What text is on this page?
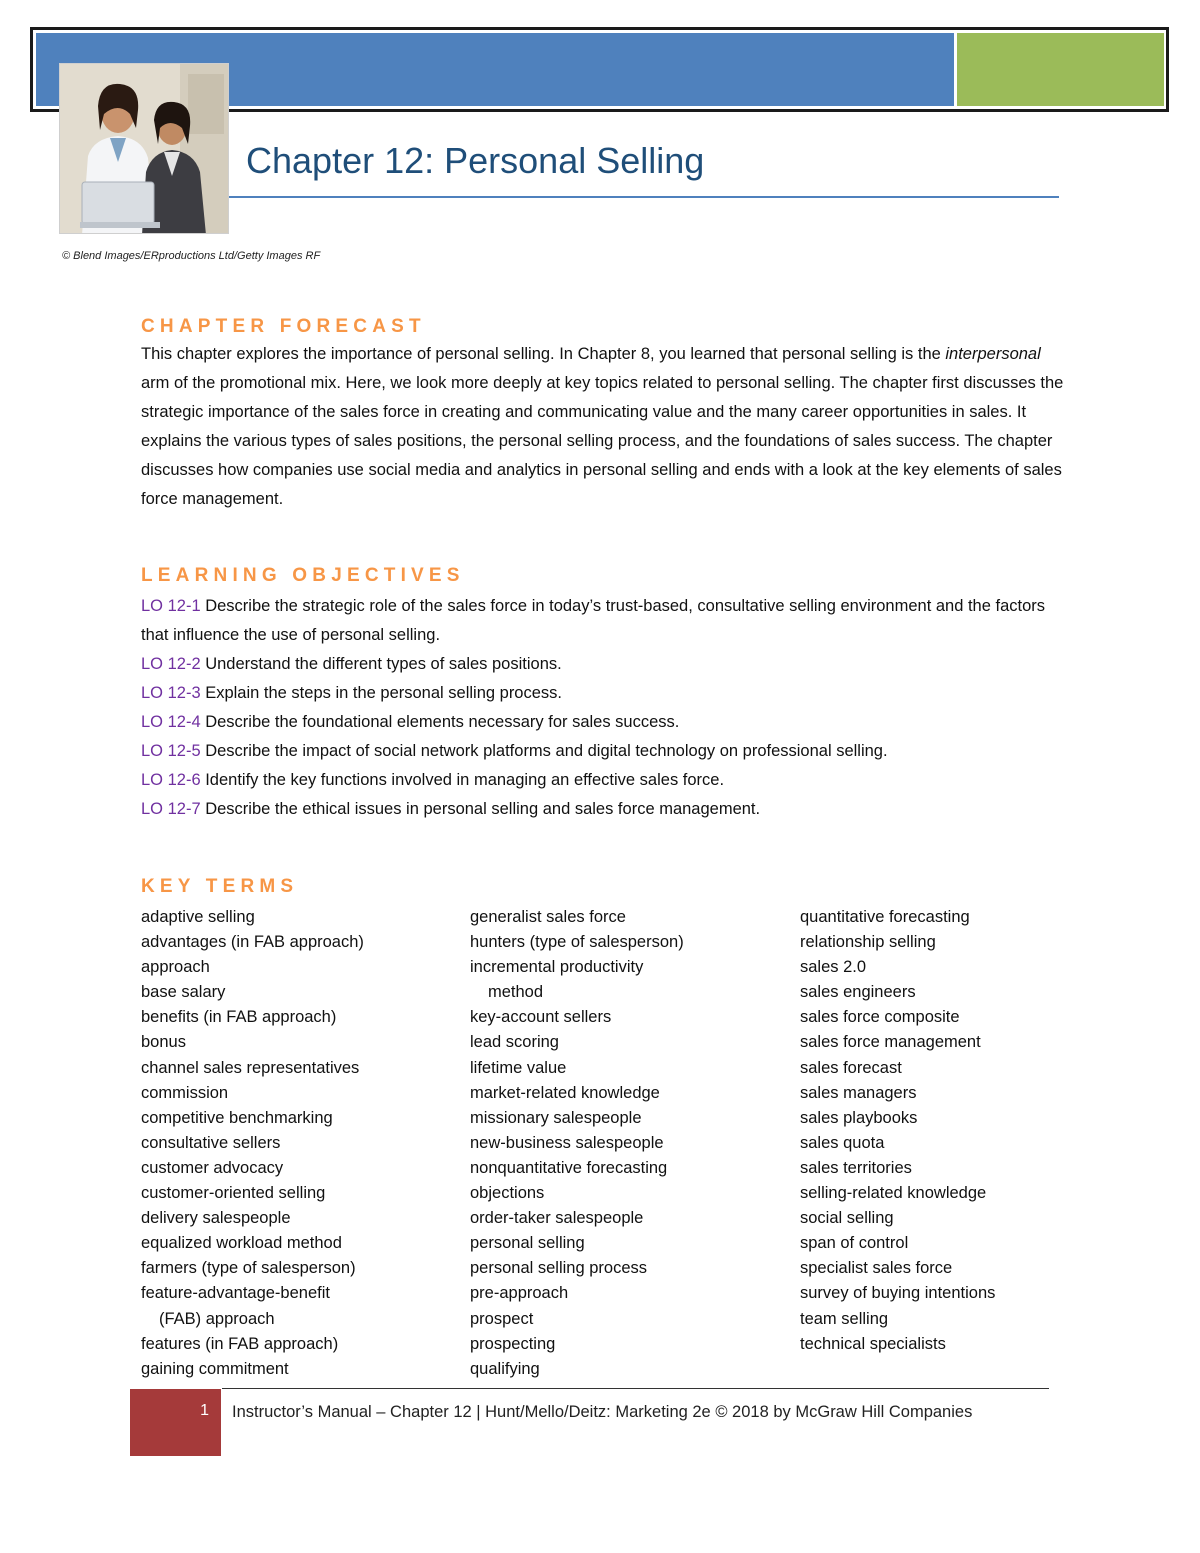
Chapter 12: Personal Selling
© Blend Images/ERproductions Ltd/Getty Images RF
CHAPTER FORECAST

This chapter explores the importance of personal selling. In Chapter 8, you learned that personal selling is the interpersonal arm of the promotional mix. Here, we look more deeply at key topics related to personal selling. The chapter first discusses the strategic importance of the sales force in creating and communicating value and the many career opportunities in sales. It explains the various types of sales positions, the personal selling process, and the foundations of sales success. The chapter discusses how companies use social media and analytics in personal selling and ends with a look at the key elements of sales force management.

LEARNING OBJECTIVES
LO 12-1 Describe the strategic role of the sales force in today’s trust-based, consultative selling environment and the factors that influence the use of personal selling.
LO 12-2 Understand the different types of sales positions.
LO 12-3 Explain the steps in the personal selling process.
LO 12-4 Describe the foundational elements necessary for sales success.
LO 12-5 Describe the impact of social network platforms and digital technology on professional selling.
LO 12-6 Identify the key functions involved in managing an effective sales force.
LO 12-7 Describe the ethical issues in personal selling and sales force management.
KEY TERMS
adaptive selling
advantages (in FAB approach)
approach
base salary
benefits (in FAB approach)
bonus
channel sales representatives
commission
competitive benchmarking
consultative sellers
customer advocacy
customer-oriented selling
delivery salespeople
equalized workload method
farmers (type of salesperson)
feature-advantage-benefit
(FAB) approach
features (in FAB approach)
gaining commitment
generalist sales force
hunters (type of salesperson)
incremental productivity
method
key-account sellers
lead scoring
lifetime value
market-related knowledge
missionary salespeople
new-business salespeople
nonquantitative forecasting
objections
order-taker salespeople
personal selling
personal selling process
pre-approach
prospect
prospecting
qualifying
quantitative forecasting
relationship selling
sales 2.0
sales engineers
sales force composite
sales force management
sales forecast
sales managers
sales playbooks
sales quota
sales territories
selling-related knowledge
social selling
span of control
specialist sales force
survey of buying intentions
team selling
technical specialists
1 Instructor’s Manual – Chapter 12 | Hunt/Mello/Deitz: Marketing 2e © 2018 by McGraw Hill Companies
